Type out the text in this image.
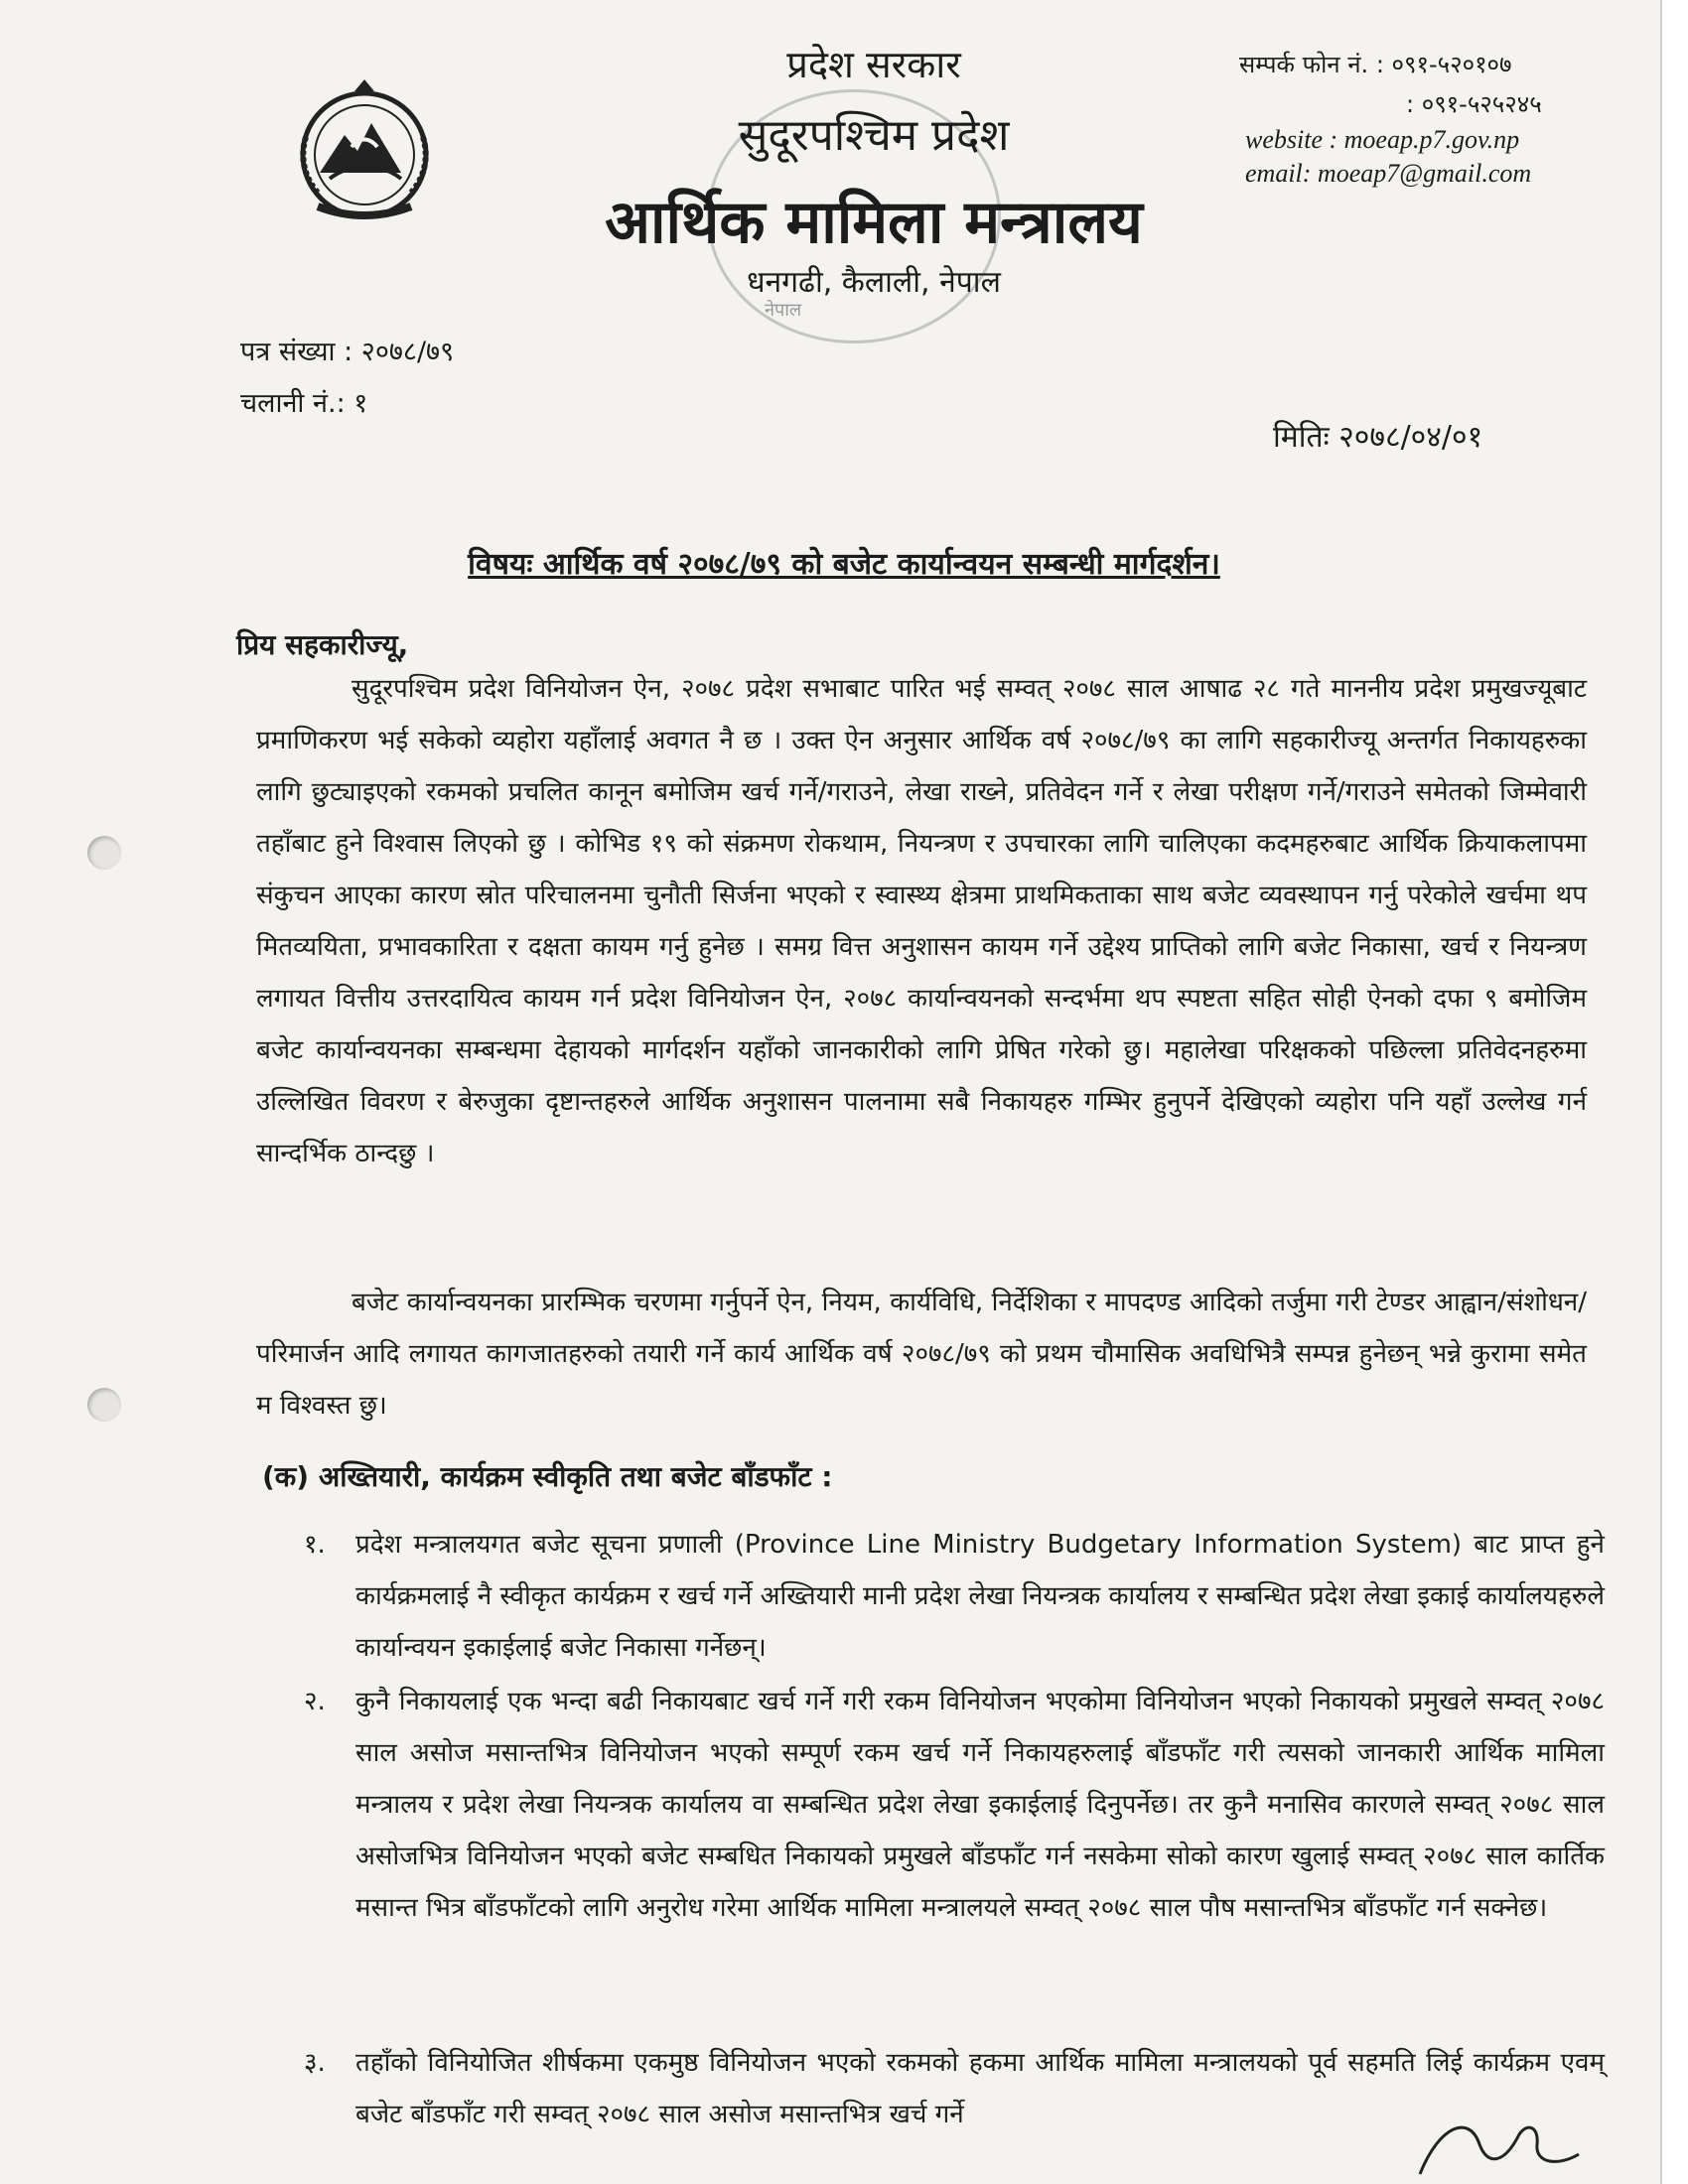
नेपाल
प्रदेश सरकार
सुदूरपश्चिम प्रदेश
आर्थिक मामिला मन्त्रालय
धनगढी, कैलाली, नेपाल
सम्पर्क फोन नं. : ०९१-५२०१०७
: ०९१-५२५२४५
website : moeap.p7.gov.np
email: moeap7@gmail.com
पत्र संख्या : २०७८/७९
चलानी नं.: १
मितिः २०७८/०४/०१
विषयः आर्थिक वर्ष २०७८/७९ को बजेट कार्यान्वयन सम्बन्धी मार्गदर्शन।
प्रिय सहकारीज्यू,

सुदूरपश्चिम प्रदेश विनियोजन ऐन, २०७८ प्रदेश सभाबाट पारित भई सम्वत् २०७८ साल आषाढ २८ गते माननीय प्रदेश प्रमुखज्यूबाट प्रमाणिकरण भई सकेको व्यहोरा यहाँलाई अवगत नै छ । उक्त ऐन अनुसार आर्थिक वर्ष २०७८/७९ का लागि सहकारीज्यू अन्तर्गत निकायहरुका लागि छुट्याइएको रकमको प्रचलित कानून बमोजिम खर्च गर्ने/गराउने, लेखा राख्ने, प्रतिवेदन गर्ने र लेखा परीक्षण गर्ने/गराउने समेतको जिम्मेवारी तहाँबाट हुने विश्वास लिएको छु । कोभिड १९ को संक्रमण रोकथाम, नियन्त्रण र उपचारका लागि चालिएका कदमहरुबाट आर्थिक क्रियाकलापमा संकुचन आएका कारण स्रोत परिचालनमा चुनौती सिर्जना भएको र स्वास्थ्य क्षेत्रमा प्राथमिकताका साथ बजेट व्यवस्थापन गर्नु परेकोले खर्चमा थप मितव्ययिता, प्रभावकारिता र दक्षता कायम गर्नु हुनेछ । समग्र वित्त अनुशासन कायम गर्ने उद्देश्य प्राप्तिको लागि बजेट निकासा, खर्च र नियन्त्रण लगायत वित्तीय उत्तरदायित्व कायम गर्न प्रदेश विनियोजन ऐन, २०७८ कार्यान्वयनको सन्दर्भमा थप स्पष्टता सहित सोही ऐनको दफा ९ बमोजिम बजेट कार्यान्वयनका सम्बन्धमा देहायको मार्गदर्शन यहाँको जानकारीको लागि प्रेषित गरेको छु। महालेखा परिक्षकको पछिल्ला प्रतिवेदनहरुमा उल्लिखित विवरण र बेरुजुका दृष्टान्तहरुले आर्थिक अनुशासन पालनामा सबै निकायहरु गम्भिर हुनुपर्ने देखिएको व्यहोरा पनि यहाँ उल्लेख गर्न सान्दर्भिक ठान्दछु ।

बजेट कार्यान्वयनका प्रारम्भिक चरणमा गर्नुपर्ने ऐन, नियम, कार्यविधि, निर्देशिका र मापदण्ड आदिको तर्जुमा गरी टेण्डर आह्वान/संशोधन/परिमार्जन आदि लगायत कागजातहरुको तयारी गर्ने कार्य आर्थिक वर्ष २०७८/७९ को प्रथम चौमासिक अवधिभित्रै सम्पन्न हुनेछन् भन्ने कुरामा समेत म विश्वस्त छु।

(क) अख्तियारी, कार्यक्रम स्वीकृति तथा बजेट बाँडफाँट :
१.	प्रदेश मन्त्रालयगत बजेट सूचना प्रणाली (Province Line Ministry Budgetary Information System) बाट प्राप्त हुने कार्यक्रमलाई नै स्वीकृत कार्यक्रम र खर्च गर्ने अख्तियारी मानी प्रदेश लेखा नियन्त्रक कार्यालय र सम्बन्धित प्रदेश लेखा इकाई कार्यालयहरुले कार्यान्वयन इकाईलाई बजेट निकासा गर्नेछन्।
२.	कुनै निकायलाई एक भन्दा बढी निकायबाट खर्च गर्ने गरी रकम विनियोजन भएकोमा विनियोजन भएको निकायको प्रमुखले सम्वत् २०७८ साल असोज मसान्तभित्र विनियोजन भएको सम्पूर्ण रकम खर्च गर्ने निकायहरुलाई बाँडफाँट गरी त्यसको जानकारी आर्थिक मामिला मन्त्रालय र प्रदेश लेखा नियन्त्रक कार्यालय वा सम्बन्धित प्रदेश लेखा इकाईलाई दिनुपर्नेछ। तर कुनै मनासिव कारणले सम्वत् २०७८ साल असोजभित्र विनियोजन भएको बजेट सम्बधित निकायको प्रमुखले बाँडफाँट गर्न नसकेमा सोको कारण खुलाई सम्वत् २०७८ साल कार्तिक मसान्त भित्र बाँडफाँटको लागि अनुरोध गरेमा आर्थिक मामिला मन्त्रालयले सम्वत् २०७८ साल पौष मसान्तभित्र बाँडफाँट गर्न सक्नेछ।
३.	तहाँको विनियोजित शीर्षकमा एकमुष्ठ विनियोजन भएको रकमको हकमा आर्थिक मामिला मन्त्रालयको पूर्व सहमति लिई कार्यक्रम एवम् बजेट बाँडफाँट गरी सम्वत् २०७८ साल असोज मसान्तभित्र खर्च गर्ने
